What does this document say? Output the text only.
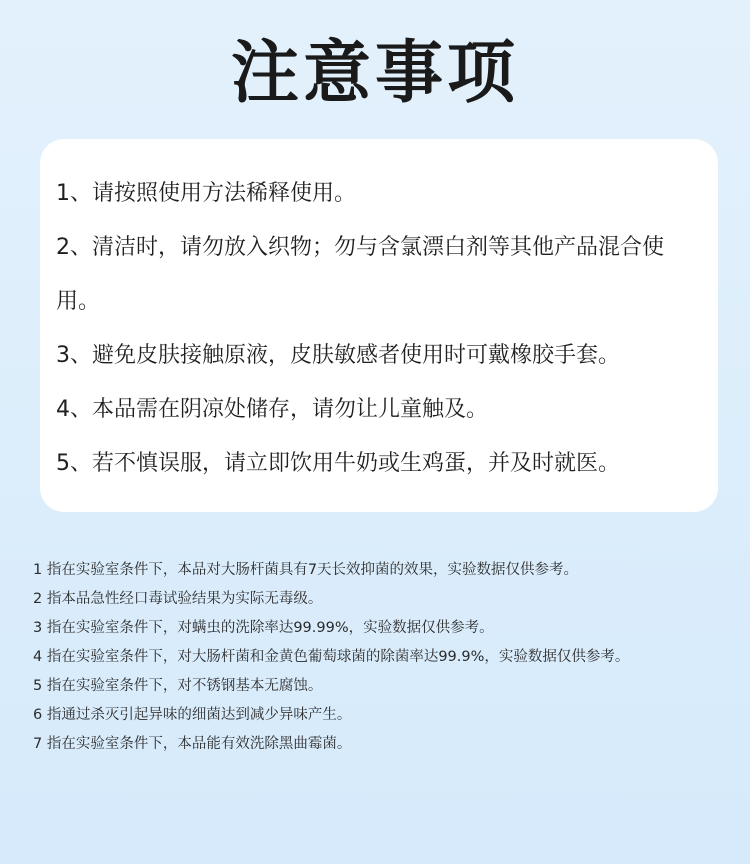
注意事项
1、请按照使用方法稀释使用。
2、清洁时，请勿放入织物；勿与含氯漂白剂等其他产品混合使用。
3、避免皮肤接触原液，皮肤敏感者使用时可戴橡胶手套。
4、本品需在阴凉处储存，请勿让儿童触及。
5、若不慎误服，请立即饮用牛奶或生鸡蛋，并及时就医。
1 指在实验室条件下，本品对大肠杆菌具有7天长效抑菌的效果，实验数据仅供参考。
2 指本品急性经口毒试验结果为实际无毒级。
3 指在实验室条件下，对螨虫的洗除率达99.99%，实验数据仅供参考。
4 指在实验室条件下，对大肠杆菌和金黄色葡萄球菌的除菌率达99.9%，实验数据仅供参考。
5 指在实验室条件下，对不锈钢基本无腐蚀。
6 指通过杀灭引起异味的细菌达到减少异味产生。
7 指在实验室条件下，本品能有效洗除黑曲霉菌。
